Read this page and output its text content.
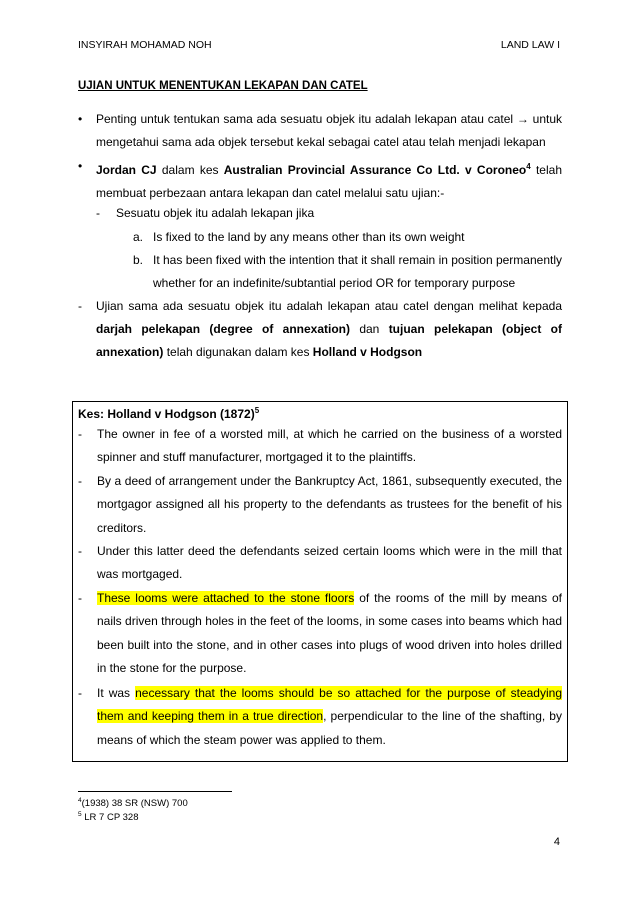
INSYIRAH MOHAMAD NOH	LAND LAW I
UJIAN UNTUK MENENTUKAN LEKAPAN DAN CATEL
•	Penting untuk tentukan sama ada sesuatu objek itu adalah lekapan atau catel → untuk mengetahui sama ada objek tersebut kekal sebagai catel atau telah menjadi lekapan
•	Jordan CJ dalam kes Australian Provincial Assurance Co Ltd. v Coroneo$^4$ telah membuat perbezaan antara lekapan dan catel melalui satu ujian:-
-	Sesuatu objek itu adalah lekapan jika
a. Is fixed to the land by any means other than its own weight
b. It has been fixed with the intention that it shall remain in position permanently whether for an indefinite/subtantial period OR for temporary purpose
-	Ujian sama ada sesuatu objek itu adalah lekapan atau catel dengan melihat kepada darjah pelekapan (degree of annexation) dan tujuan pelekapan (object of annexation) telah digunakan dalam kes Holland v Hodgson
Kes: Holland v Hodgson $(1872)^5$
-	The owner in fee of a worsted mill, at which he carried on the business of a worsted spinner and stuff manufacturer, mortgaged it to the plaintiffs.
-	By a deed of arrangement under the Bankruptcy Act, 1861, subsequently executed, the mortgagor assigned all his property to the defendants as trustees for the benefit of his creditors.
-	Under this latter deed the defendants seized certain looms which were in the mill that was mortgaged.
-	These looms were attached to the stone floors of the rooms of the mill by means of nails driven through holes in the feet of the looms, in some cases into beams which had been built into the stone, and in other cases into plugs of wood driven into holes drilled in the stone for the purpose.
-	It was necessary that the looms should be so attached for the purpose of steadying them and keeping them in a true direction, perpendicular to the line of the shafting, by means of which the steam power was applied to them.
$^4$(1938) 38 SR (NSW) 700
$^5$ LR 7 CP 328
4
